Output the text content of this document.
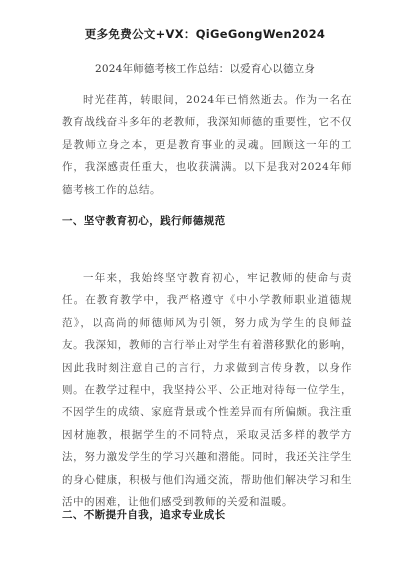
更多免费公文+VX：QiGeGongWen2024
2024年师德考核工作总结：以爱育心以德立身

时光荏苒，转眼间，2024年已悄然逝去。作为一名在教育战线奋斗多年的老教师，我深知师德的重要性，它不仅是教师立身之本，更是教育事业的灵魂。回顾这一年的工作，我深感责任重大，也收获满满。以下是我对2024年师德考核工作的总结。

一、坚守教育初心，践行师德规范

一年来，我始终坚守教育初心，牢记教师的使命与责任。在教育教学中，我严格遵守《中小学教师职业道德规范》，以高尚的师德师风为引领，努力成为学生的良师益友。我深知，教师的言行举止对学生有着潜移默化的影响，因此我时刻注意自己的言行，力求做到言传身教，以身作则。在教学过程中，我坚持公平、公正地对待每一位学生，不因学生的成绩、家庭背景或个性差异而有所偏颇。我注重因材施教，根据学生的不同特点，采取灵活多样的教学方法，努力激发学生的学习兴趣和潜能。同时，我还关注学生的身心健康，积极与他们沟通交流，帮助他们解决学习和生活中的困难，让他们感受到教师的关爱和温暖。

二、不断提升自我，追求专业成长
